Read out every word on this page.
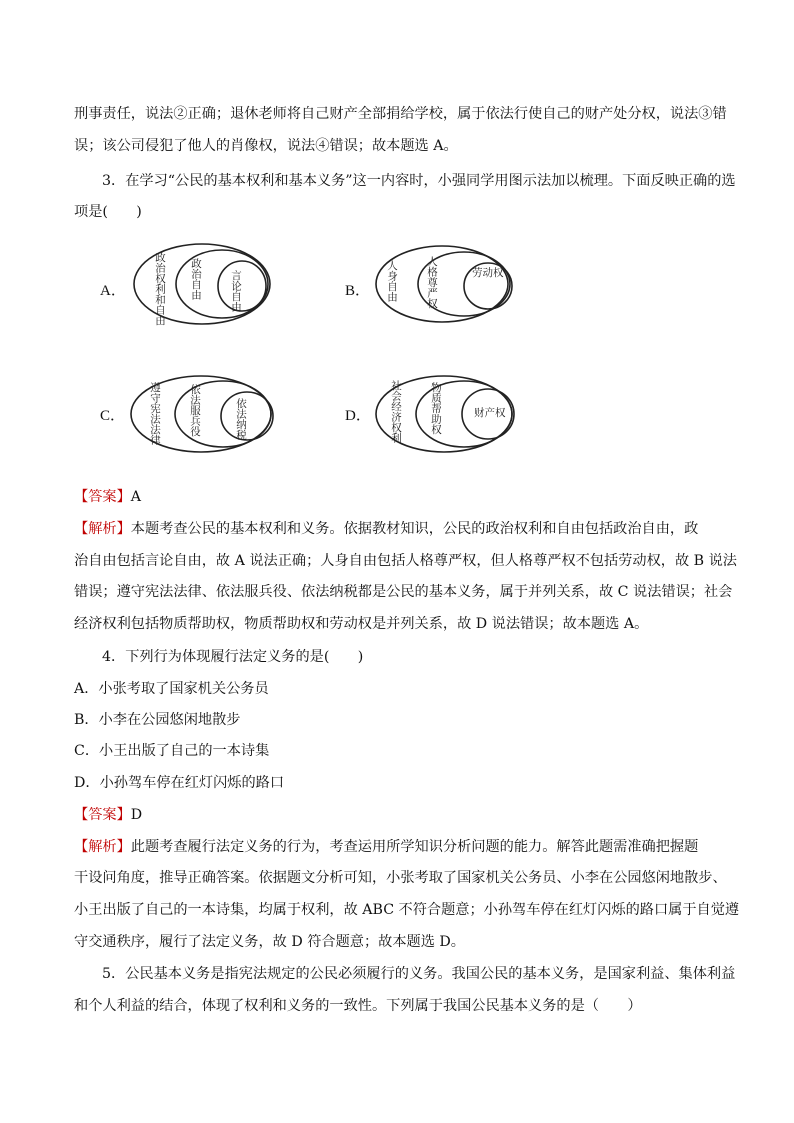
刑事责任，说法②正确；退休老师将自己财产全部捐给学校，属于依法行使自己的财产处分权，说法③错
误；该公司侵犯了他人的肖像权，说法④错误；故本题选 A。
3．在学习“公民的基本权利和基本义务”这一内容时，小强同学用图示法加以梳理。下面反映正确的选
项是(　　)
A．	政治权利和自由 政治自由	言论自由	B． 人身自由	人格尊严权	劳动权
C． 遵守宪法法律	依法服兵役	依法纳税	D． 社会经济权利	物质帮助权	财产权
【答案】A
【解析】本题考查公民的基本权利和义务。依据教材知识，公民的政治权利和自由包括政治自由，政
治自由包括言论自由，故 A 说法正确；人身自由包括人格尊严权，但人格尊严权不包括劳动权，故 B 说法
错误；遵守宪法法律、依法服兵役、依法纳税都是公民的基本义务，属于并列关系，故 C 说法错误；社会
经济权利包括物质帮助权，物质帮助权和劳动权是并列关系，故 D 说法错误；故本题选 A。
4．下列行为体现履行法定义务的是(　　)
A．小张考取了国家机关公务员
B．小李在公园悠闲地散步
C．小王出版了自己的一本诗集
D．小孙驾车停在红灯闪烁的路口
【答案】D
【解析】此题考查履行法定义务的行为，考查运用所学知识分析问题的能力。解答此题需准确把握题
干设问角度，推导正确答案。依据题文分析可知，小张考取了国家机关公务员、小李在公园悠闲地散步、
小王出版了自己的一本诗集，均属于权利，故 ABC 不符合题意；小孙驾车停在红灯闪烁的路口属于自觉遵
守交通秩序，履行了法定义务，故 D 符合题意；故本题选 D。
5．公民基本义务是指宪法规定的公民必须履行的义务。我国公民的基本义务，是国家利益、集体利益
和个人利益的结合，体现了权利和义务的一致性。下列属于我国公民基本义务的是（　　）
